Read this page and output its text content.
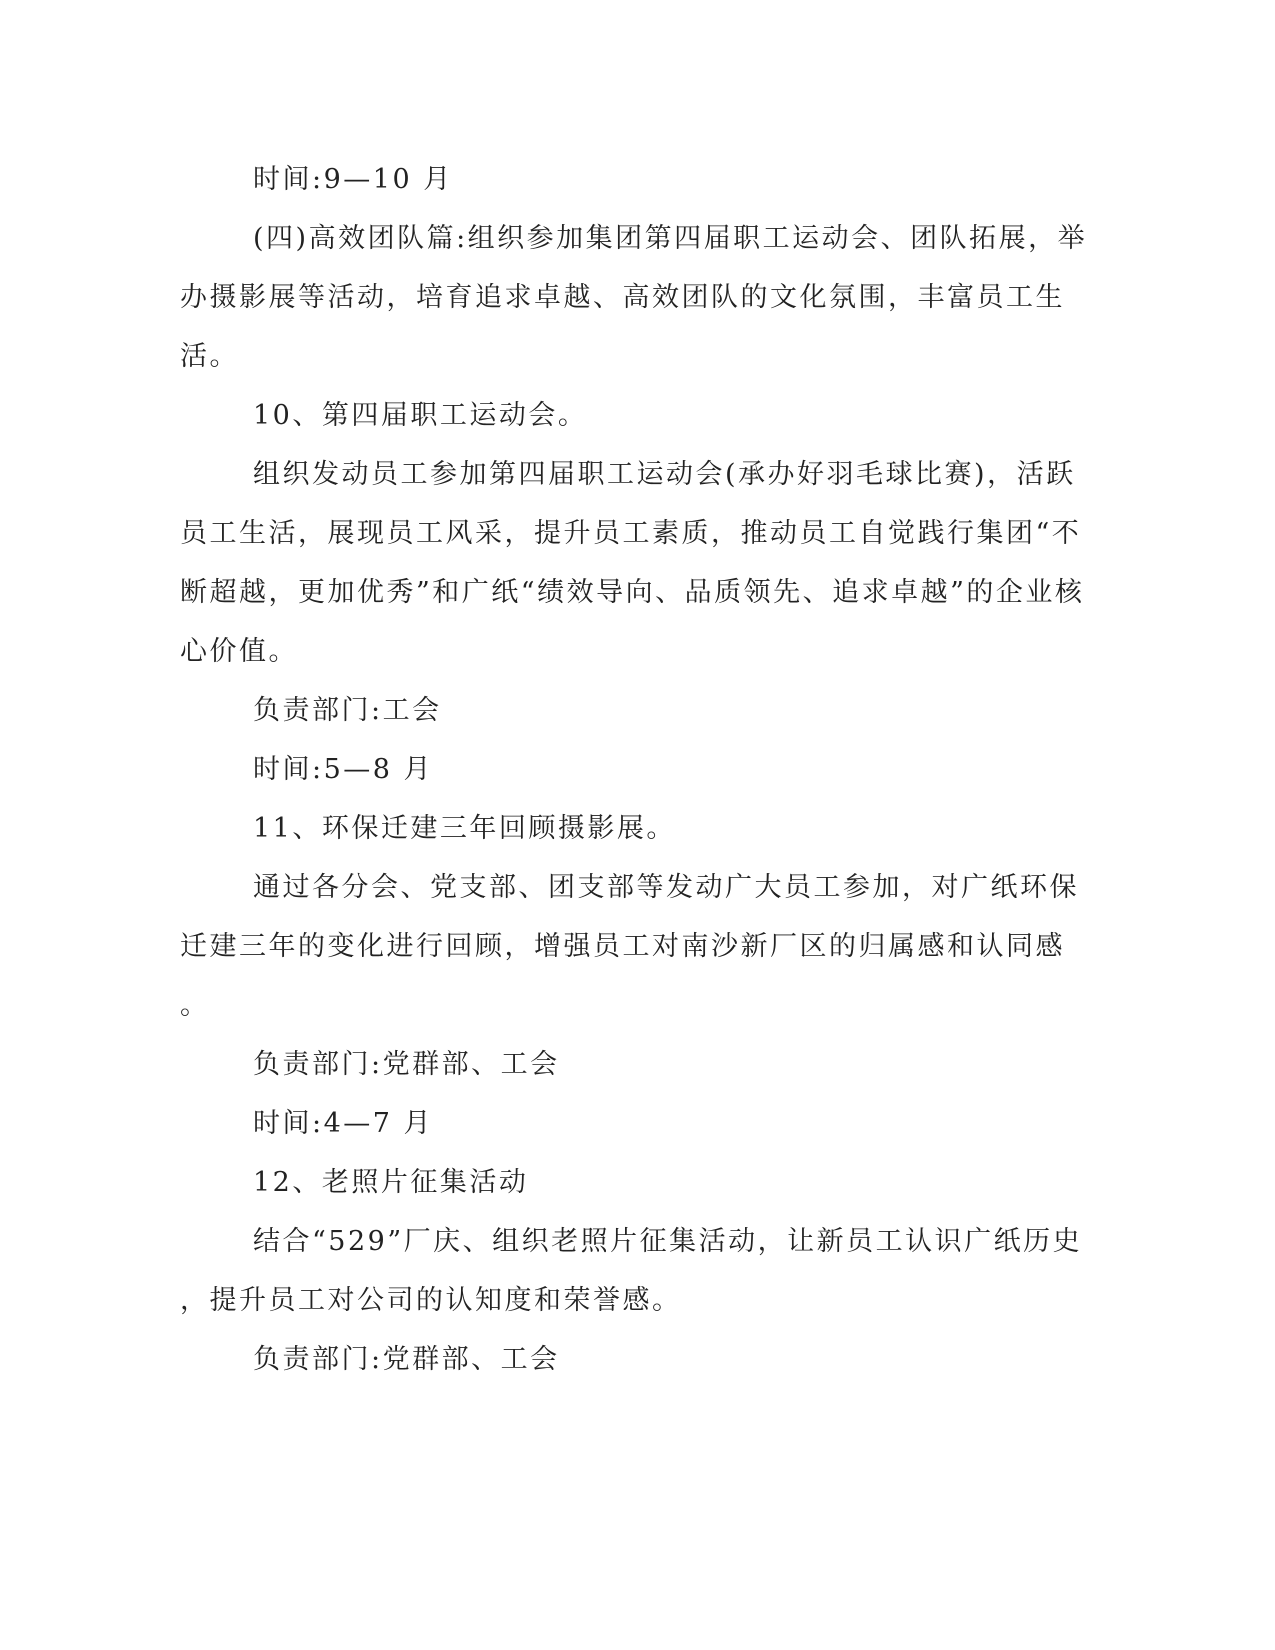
时间:9—10 月
(四)高效团队篇:组织参加集团第四届职工运动会、团队拓展，举
办摄影展等活动，培育追求卓越、高效团队的文化氛围，丰富员工生
活。
10、第四届职工运动会。
组织发动员工参加第四届职工运动会(承办好羽毛球比赛)，活跃
员工生活，展现员工风采，提升员工素质，推动员工自觉践行集团“不
断超越，更加优秀”和广纸“绩效导向、品质领先、追求卓越”的企业核
心价值。
负责部门:工会
时间:5—8 月
11、环保迁建三年回顾摄影展。
通过各分会、党支部、团支部等发动广大员工参加，对广纸环保
迁建三年的变化进行回顾，增强员工对南沙新厂区的归属感和认同感
。
负责部门:党群部、工会
时间:4—7 月
12、老照片征集活动
结合“529”厂庆、组织老照片征集活动，让新员工认识广纸历史
，提升员工对公司的认知度和荣誉感。
负责部门:党群部、工会
